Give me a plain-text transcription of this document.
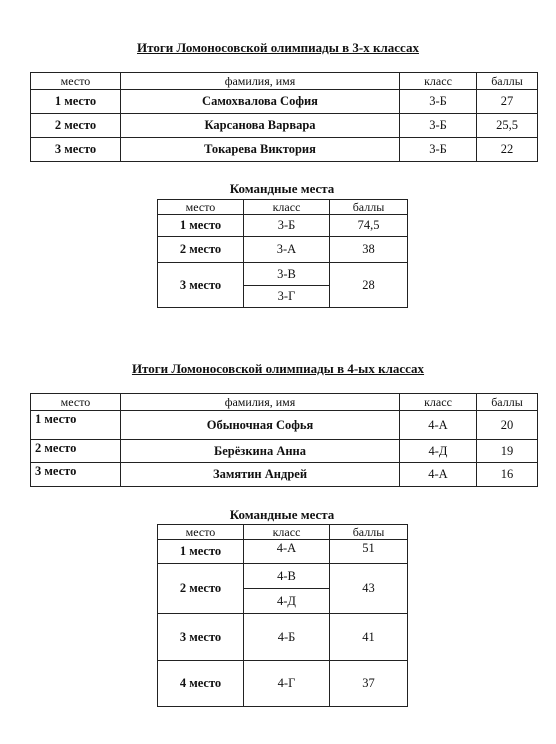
Итоги Ломоносовской олимпиады в 3-х классах
место	фамилия, имя	класс	баллы
1 место	Самохвалова София	3-Б	27
2 место	Карсанова Варвара	3-Б	25,5
3 место	Токарева Виктория	3-Б	22
Командные места
место	класс	баллы
1 место	3-Б	74,5
2 место	3-А	38
3 место	3-В	28
	3-Г	
Итоги Ломоносовской олимпиады в 4-ых классах
место	фамилия, имя	класс	баллы
1 место	Обыночная Софья	4-А	20
2 место	Берёзкина Анна	4-Д	19
3 место	Замятин Андрей	4-А	16
Командные места
место	класс	баллы
1 место	4-А	51
2 место	4-В	43
	4-Д	
3 место	4-Б	41
4 место	4-Г	37
